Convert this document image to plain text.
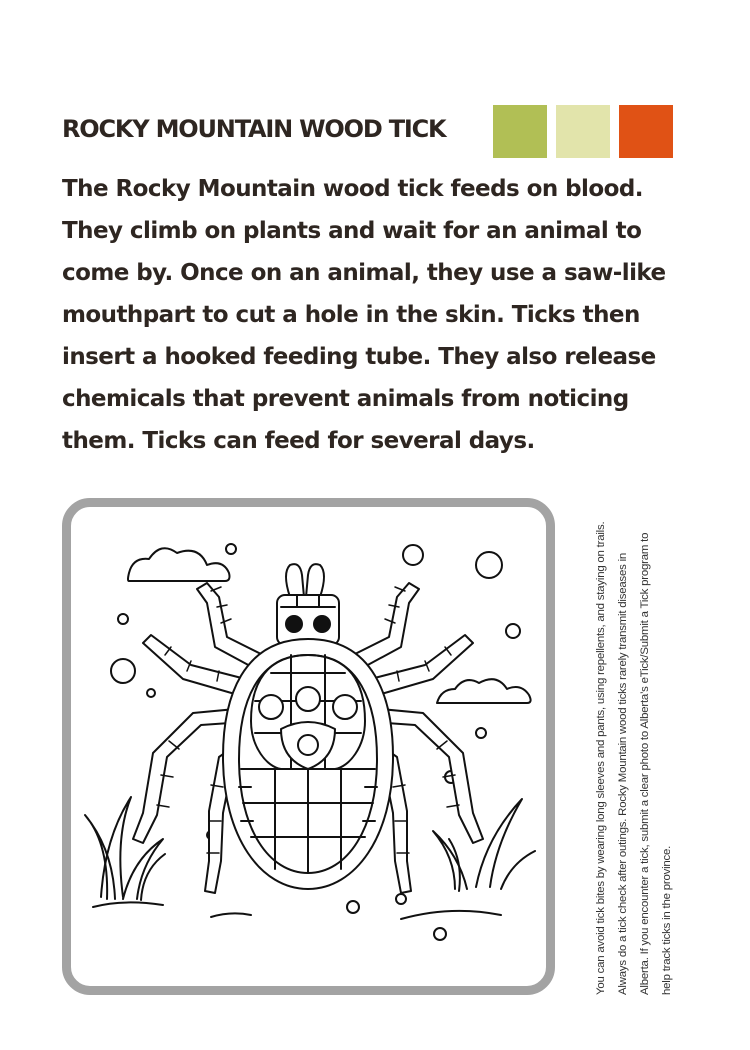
ROCKY MOUNTAIN WOOD TICK

The Rocky Mountain wood tick feeds on blood. They climb on plants and wait for an animal to come by. Once on an animal, they use a saw-like mouthpart to cut a hole in the skin. Ticks then insert a hooked feeding tube. They also release chemicals that prevent animals from noticing them. Ticks can feed for several days.

You can avoid tick bites by wearing long sleeves and pants, using repellents, and staying on trails. Always do a tick check after outings. Rocky Mountain wood ticks rarely transmit diseases in Alberta. If you encounter a tick, submit a clear photo to Alberta’s eTick/Submit a Tick program to help track ticks in the province.
